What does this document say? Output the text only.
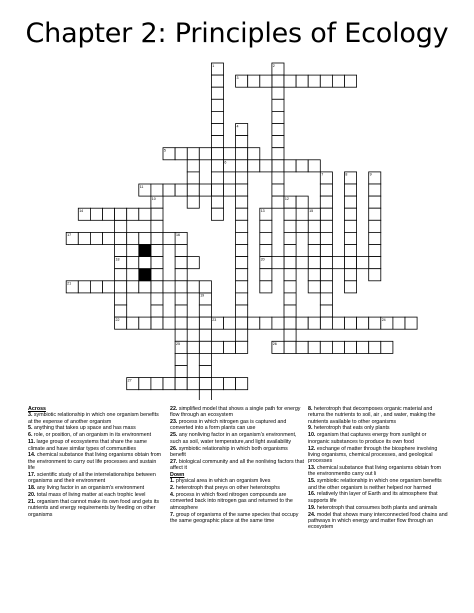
Chapter 2: Principles of Ecology
1	2
3
4
5
6
7	8	9
10
11
12
13
14	15
16
17
18
19
20
21
22	23	24
25	26
27
Across
3. symbiotic relationship in which one organism benefits at the expense of another organism
5. anything that takes up space and has mass
6. role, or position, of an organism in its environment
11. large group of ecosystems that share the same climate and have similar types of communities
14. chemical substance that living organisms obtain from the environment to carry out life processes and sustain life
17. scientific study of all the interrelationships between organisms and their environment
18. any living factor in an organism's environment
20. total mass of living matter at each trophic level
21. organism that cannot make its own food and gets its nutrients and energy requirements by feeding on other organisms
22. simplified model that shows a single path for energy flow through an ecosystem
23. process in which nitrogen gas is captured and converted into a form plants can use
25. any nonliving factor in an organism's environment, such as soil, water temperature,and light availability
26. symbiotic relationship in which both organisms benefit
27. biological community and all the nonliving factors that affect it
Down
1. physical area in which an organism lives
2. heterotroph that preys on other heterotrophs
4. process in which fixed nitrogen compounds are converted back into nitrogen gas and returned to the atmosphere
7. group of organisms of the same species that occupy the same geographic place at the same time
8. heterotroph that decomposes organic material and returns the nutrients to soil, air , and water, making the nutrients available to other organisms
9. heterotroph that eats only plants
10. organism that captures energy from sunlight or inorganic substances to produce its own food
12. exchange of matter through the biosphere involving living organisms, chemical processes, and geological processes
13. chemical substance that living organisms obtain from the environmentto carry out li
15. symbiotic relationship in which one organism benefits and the other organism is neither helped nor harmed
16. relatively thin layer of Earth and its atmosphere that supports life
19. heterotroph that consumes both plants and animals
24. model that shows many interconnected food chains and pathways in which energy and matter flow through an ecosystem
